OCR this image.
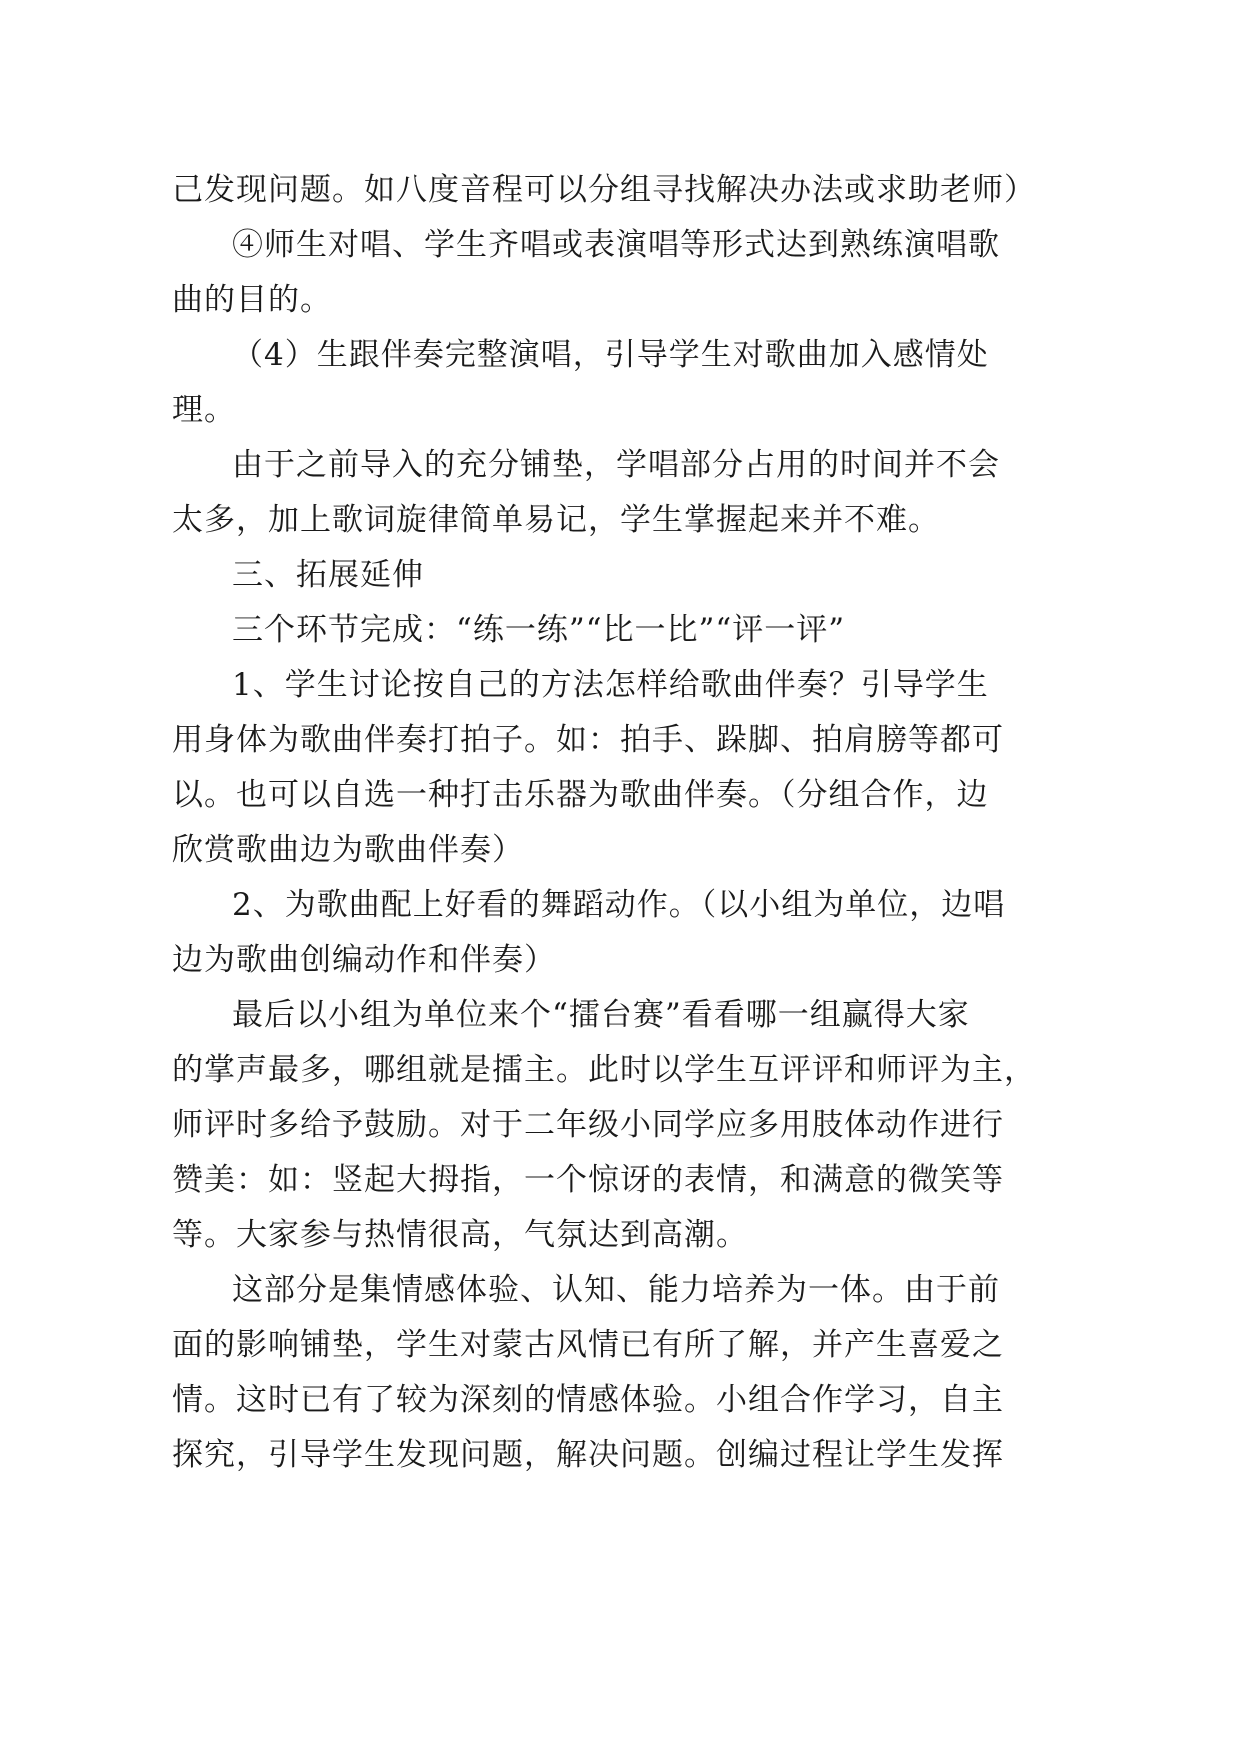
己发现问题。如八度音程可以分组寻找解决办法或求助老师）
④师生对唱、学生齐唱或表演唱等形式达到熟练演唱歌
曲的目的。
（4）生跟伴奏完整演唱，引导学生对歌曲加入感情处
理。
由于之前导入的充分铺垫，学唱部分占用的时间并不会
太多，加上歌词旋律简单易记，学生掌握起来并不难。
三、拓展延伸
三个环节完成：“练一练”“比一比”“评一评”
1、学生讨论按自己的方法怎样给歌曲伴奏？引导学生
用身体为歌曲伴奏打拍子。如：拍手、跺脚、拍肩膀等都可
以。也可以自选一种打击乐器为歌曲伴奏。（分组合作，边
欣赏歌曲边为歌曲伴奏）
2、为歌曲配上好看的舞蹈动作。（以小组为单位，边唱
边为歌曲创编动作和伴奏）
最后以小组为单位来个“擂台赛”看看哪一组赢得大家
的掌声最多，哪组就是擂主。此时以学生互评评和师评为主，
师评时多给予鼓励。对于二年级小同学应多用肢体动作进行
赞美：如：竖起大拇指，一个惊讶的表情，和满意的微笑等
等。大家参与热情很高，气氛达到高潮。
这部分是集情感体验、认知、能力培养为一体。由于前
面的影响铺垫，学生对蒙古风情已有所了解，并产生喜爱之
情。这时已有了较为深刻的情感体验。小组合作学习，自主
探究，引导学生发现问题，解决问题。创编过程让学生发挥
